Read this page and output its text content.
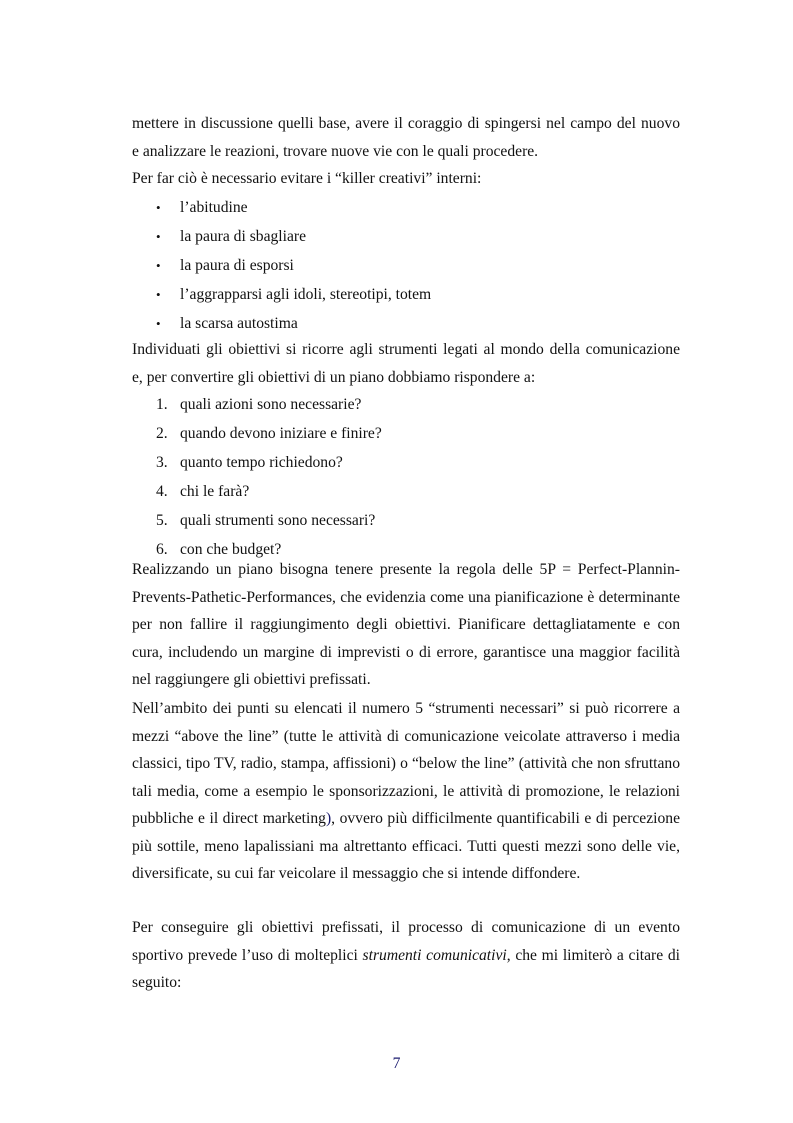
mettere in discussione quelli base, avere il coraggio di spingersi nel campo del nuovo

e analizzare le reazioni, trovare nuove vie con le quali procedere.

Per far ciò è necessario evitare i “killer creativi” interni:

• l’abitudine
• la paura di sbagliare
• la paura di esporsi
• l’aggrapparsi agli idoli, stereotipi, totem
• la scarsa autostima

Individuati gli obiettivi si ricorre agli strumenti legati al mondo della comunicazione

e, per convertire gli obiettivi di un piano dobbiamo rispondere a:

1. quali azioni sono necessarie?
2. quando devono iniziare e finire?
3. quanto tempo richiedono?
4. chi le farà?
5. quali strumenti sono necessari?
6. con che budget?

Realizzando un piano bisogna tenere presente la regola delle 5P = Perfect-Plannin-Prevents-Pathetic-Performances, che evidenzia come una pianificazione è determinante per non fallire il raggiungimento degli obiettivi. Pianificare dettagliatamente e con cura, includendo un margine di imprevisti o di errore, garantisce una maggior facilità nel raggiungere gli obiettivi prefissati.

Nell’ambito dei punti su elencati il numero 5 “strumenti necessari” si può ricorrere a mezzi “above the line” (tutte le attività di comunicazione veicolate attraverso i media classici, tipo TV, radio, stampa, affissioni) o “below the line” (attività che non sfruttano tali media, come a esempio le sponsorizzazioni, le attività di promozione, le relazioni pubbliche e il direct marketing), ovvero più difficilmente quantificabili e di percezione più sottile, meno lapalissiani ma altrettanto efficaci. Tutti questi mezzi sono delle vie, diversificate, su cui far veicolare il messaggio che si intende diffondere.

Per conseguire gli obiettivi prefissati, il processo di comunicazione di un evento sportivo prevede l’uso di molteplici strumenti comunicativi, che mi limiterò a citare di seguito:

7
